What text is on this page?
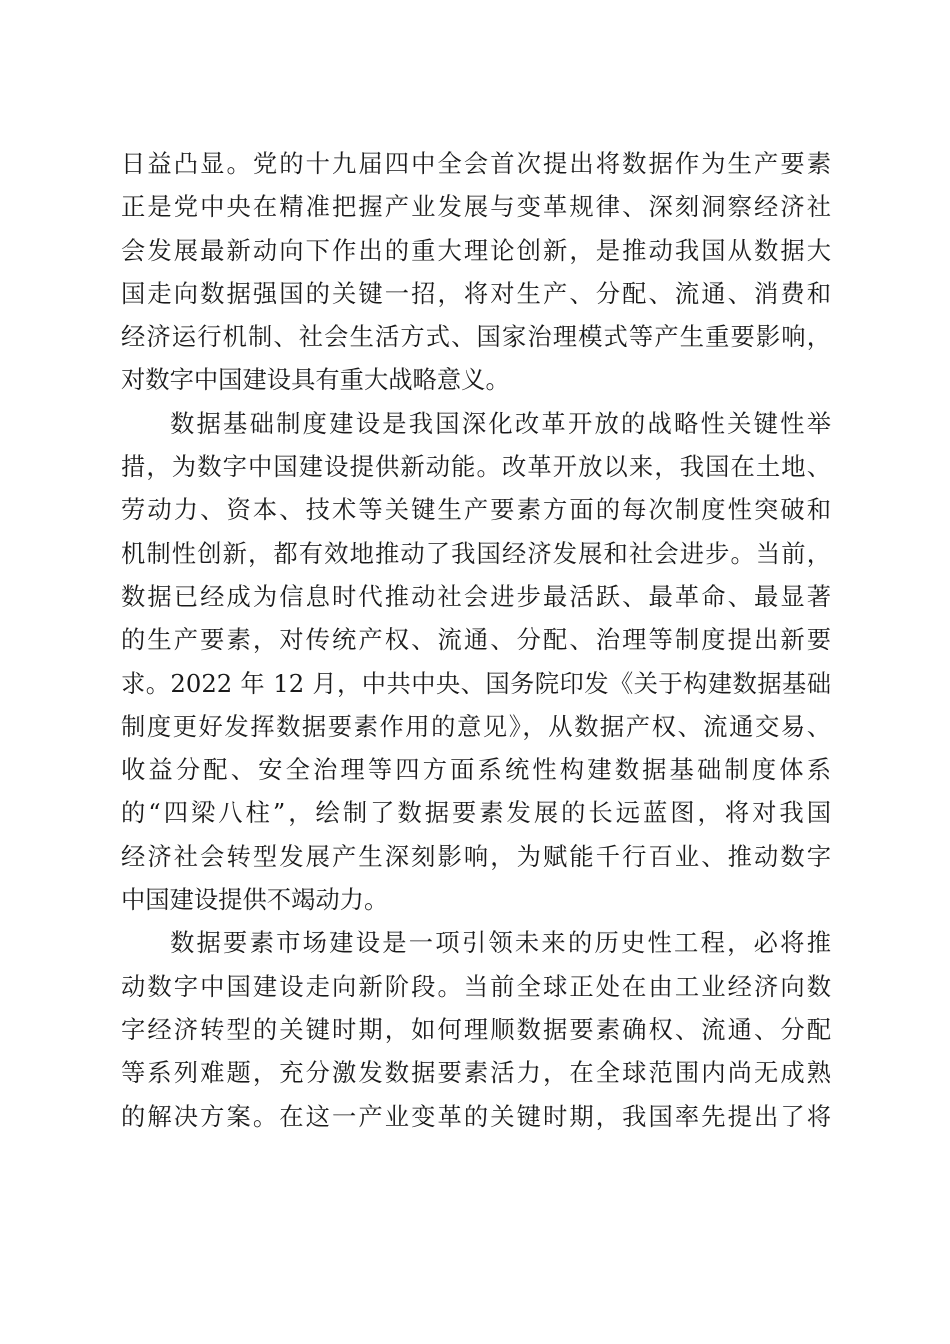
日益凸显。党的十九届四中全会首次提出将数据作为生产要素
正是党中央在精准把握产业发展与变革规律、深刻洞察经济社
会发展最新动向下作出的重大理论创新，是推动我国从数据大
国走向数据强国的关键一招，将对生产、分配、流通、消费和
经济运行机制、社会生活方式、国家治理模式等产生重要影响，
对数字中国建设具有重大战略意义。
数据基础制度建设是我国深化改革开放的战略性关键性举
措，为数字中国建设提供新动能。改革开放以来，我国在土地、
劳动力、资本、技术等关键生产要素方面的每次制度性突破和
机制性创新，都有效地推动了我国经济发展和社会进步。当前，
数据已经成为信息时代推动社会进步最活跃、最革命、最显著
的生产要素，对传统产权、流通、分配、治理等制度提出新要
求。2022 年 12 月，中共中央、国务院印发《关于构建数据基础
制度更好发挥数据要素作用的意见》，从数据产权、流通交易、
收益分配、安全治理等四方面系统性构建数据基础制度体系
的“四梁八柱”，绘制了数据要素发展的长远蓝图，将对我国
经济社会转型发展产生深刻影响，为赋能千行百业、推动数字
中国建设提供不竭动力。
数据要素市场建设是一项引领未来的历史性工程，必将推
动数字中国建设走向新阶段。当前全球正处在由工业经济向数
字经济转型的关键时期，如何理顺数据要素确权、流通、分配
等系列难题，充分激发数据要素活力，在全球范围内尚无成熟
的解决方案。在这一产业变革的关键时期，我国率先提出了将
